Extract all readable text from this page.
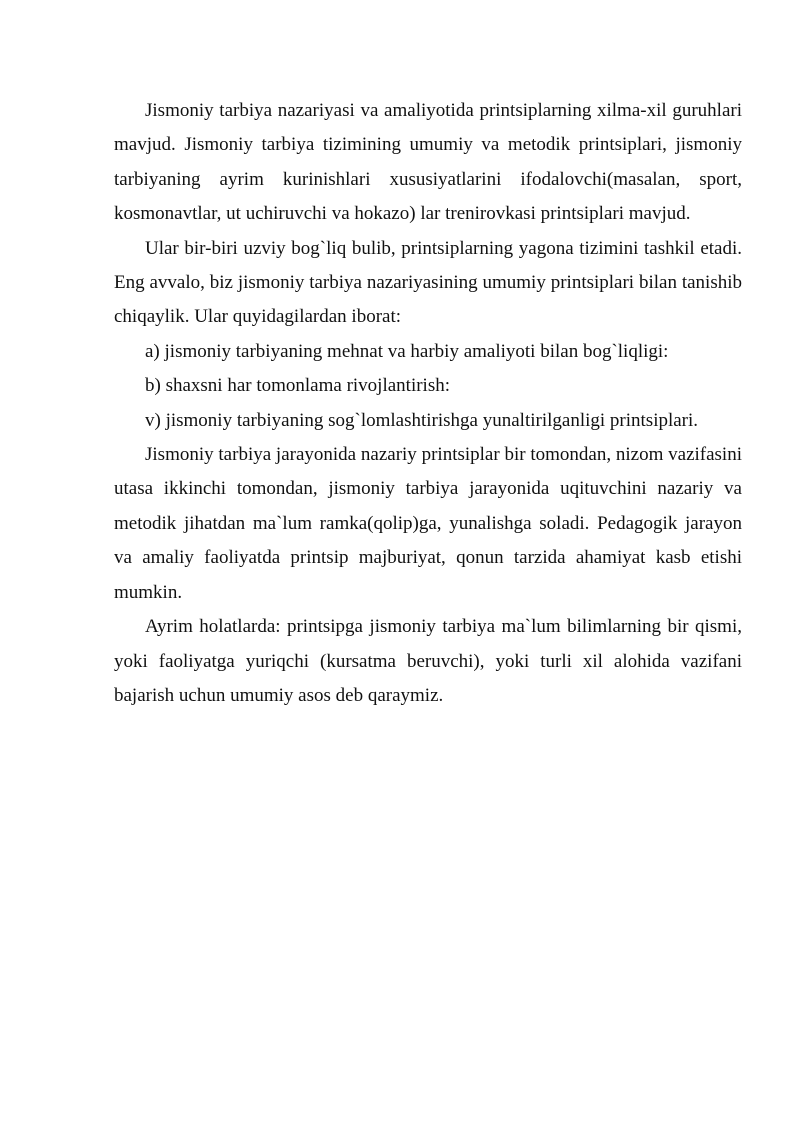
Jismoniy tarbiya nazariyasi va amaliyotida printsiplarning xilma-xil guruhlari mavjud. Jismoniy tarbiya tizimining umumiy va metodik printsiplari, jismoniy tarbiyaning ayrim kurinishlari xususiyatlarini ifodalovchi(masalan, sport, kosmonavtlar, ut uchiruvchi va hokazo) lar trenirovkasi printsiplari mavjud.

Ular bir-biri uzviy bog`liq bulib, printsiplarning yagona tizimini tashkil etadi. Eng avvalo, biz jismoniy tarbiya nazariyasining umumiy printsiplari bilan tanishib chiqaylik. Ular quyidagilardan iborat:

a) jismoniy tarbiyaning mehnat va harbiy amaliyoti bilan bog`liqligi:

b) shaxsni har tomonlama rivojlantirish:

v) jismoniy tarbiyaning sog`lomlashtirishga yunaltirilganligi printsiplari.

Jismoniy tarbiya jarayonida nazariy printsiplar bir tomondan, nizom vazifasini utasa ikkinchi tomondan, jismoniy tarbiya jarayonida uqituvchini nazariy va metodik jihatdan ma`lum ramka(qolip)ga, yunalishga soladi. Pedagogik jarayon va amaliy faoliyatda printsip majburiyat, qonun tarzida ahamiyat kasb etishi mumkin.

Ayrim holatlarda: printsipga jismoniy tarbiya ma`lum bilimlarning bir qismi, yoki faoliyatga yuriqchi (kursatma beruvchi), yoki turli xil alohida vazifani bajarish uchun umumiy asos deb qaraymiz.
